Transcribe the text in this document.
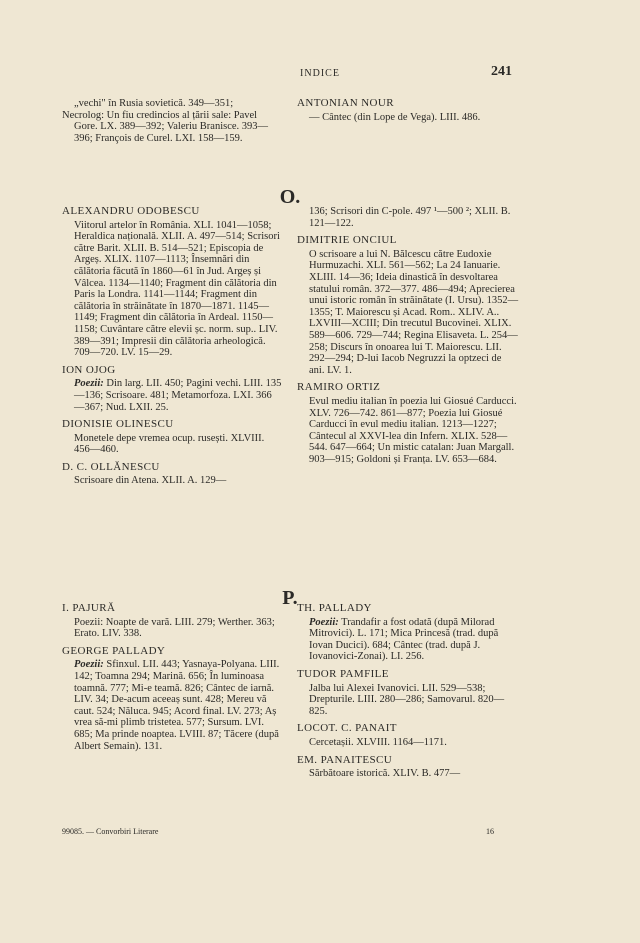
INDICE	241
„vechi" în Rusia sovietică. 349—351;
Necrolog: Un fiu credincios al țării sale: Pavel Gore. LX. 389—392; Valeriu Branisce. 393—396; François de Curel. LXI. 158—159.
ANTONIAN NOUR
— Cântec (din Lope de Vega). LIII. 486.
O.
ALEXANDRU ODOBESCU
Viitorul artelor în România. XLI. 1041—1058; Heraldica națională. XLII. A. 497—514; Scrisori către Barit. XLII. B. 514—521; Episcopia de Argeș. XLIX. 1107—1113; Însemnări din călătoria făcută în 1860—61 în Jud. Argeș și Vâlcea. 1134—1140; Fragment din călătoria din Paris la Londra. 1141—1144; Fragment din călătoria în străinătate în 1870—1871. 1145—1149; Fragment din călătoria în Ardeal. 1150—1158; Cuvântare către elevii șc. norm. sup.. LIV. 389—391; Impresii din călătoria arheologică. 709—720. LV. 15—29.
ION OJOG
Poezii: Din larg. LII. 450; Pagini vechi. LIII. 135—136; Scrisoare. 481; Metamorfoza. LXI. 366—367; Nud. LXII. 25.
DIONISIE OLINESCU
Monetele depe vremea ocup. rusești. XLVIII. 456—460.
D. C. OLLĂNESCU
Scrisoare din Atena. XLII. A. 129—
136; Scrisori din C-pole. 497 ¹—500 ²; XLII. B. 121—122.
DIMITRIE ONCIUL
O scrisoare a lui N. Bălcescu către Eudoxie Hurmuzachi. XLI. 561—562; La 24 Ianuarie. XLIII. 14—36; Ideia dinastică în desvoltarea statului român. 372—377. 486—494; Aprecierea unui istoric român în străinătate (I. Ursu). 1352—1355; T. Maiorescu și Acad. Rom.. XLIV. A.. LXVIII—XCIII; Din trecutul Bucovinei. XLIX. 589—606. 729—744; Regina Elisaveta. L. 254—258; Discurs în onoarea lui T. Maiorescu. LII. 292—294; D-lui Iacob Negruzzi la optzeci de ani. LV. 1.
RAMIRO ORTIZ
Evul mediu italian în poezia lui Giosué Carducci. XLV. 726—742. 861—877; Poezia lui Giosué Carducci în evul mediu italian. 1213—1227; Cântecul al XXVI-lea din Infern. XLIX. 528—544. 647—664; Un mistic catalan: Juan Margall. 903—915; Goldoni și Franța. LV. 653—684.
P.
I. PAJURĂ
Poezii: Noapte de vară. LIII. 279; Werther. 363; Erato. LIV. 338.
GEORGE PALLADY
Poezii: Sfinxul. LII. 443; Yasnaya-Polyana. LIII. 142; Toamna 294; Marină. 656; În luminoasa toamnă. 777; Mi-e teamă. 826; Cântec de iarnă. LIV. 34; De-acum aceeaș sunt. 428; Mereu vă caut. 524; Năluca. 945; Acord final. LV. 273; Aș vrea să-mi plimb tristetea. 577; Sursum. LVI. 685; Ma prinde noaptea. LVIII. 87; Tăcere (după Albert Semain). 131.
TH. PALLADY
Poezii: Trandafir a fost odată (după Milorad Mitrovici). L. 171; Mica Princesă (trad. după Iovan Ducici). 684; Cântec (trad. după J. Iovanovici-Zonai). LI. 256.
TUDOR PAMFILE
Jalba lui Alexei Ivanovici. LII. 529—538; Drepturile. LIII. 280—286; Samovarul. 820—825.
LOCOT. C. PANAIT
Cercetașii. XLVIII. 1164—1171.
EM. PANAITESCU
Sărbătoare istorică. XLIV. B. 477—
99085. — Convorbiri Literare	16
